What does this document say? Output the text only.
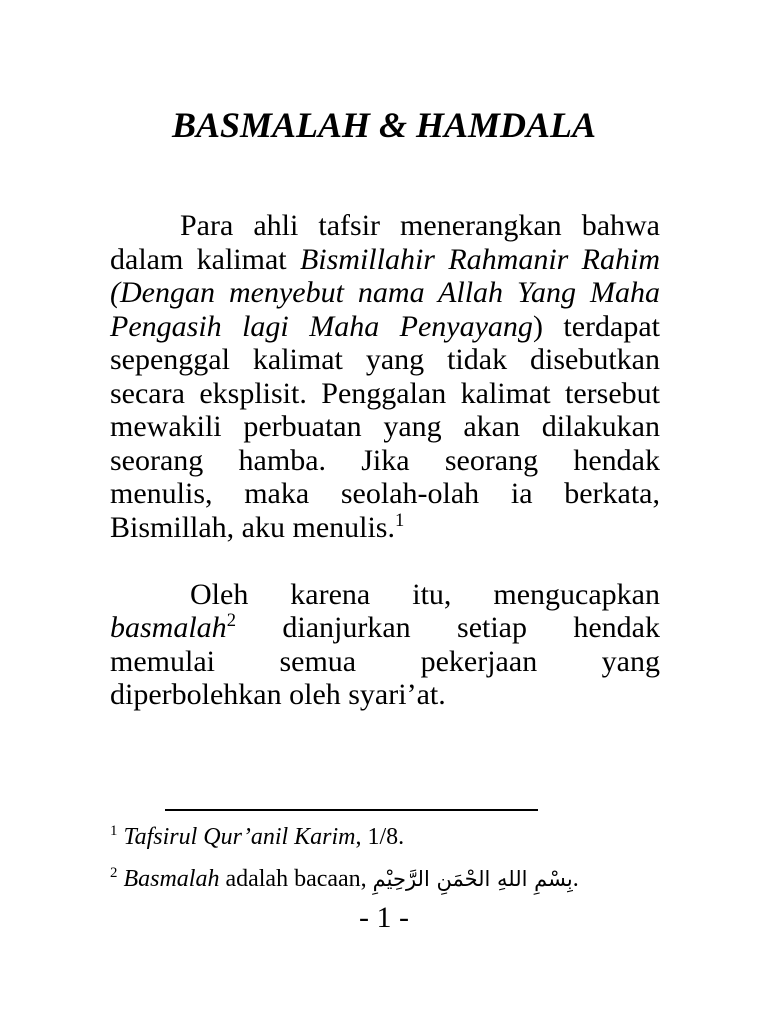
BASMALAH & HAMDALA
Para ahli tafsir menerangkan bahwa
dalam kalimat Bismillahir Rahmanir Rahim
(Dengan menyebut nama Allah Yang Maha
Pengasih lagi Maha Penyayang) terdapat
sepenggal kalimat yang tidak disebutkan
secara eksplisit. Penggalan kalimat tersebut
mewakili perbuatan yang akan dilakukan
seorang hamba. Jika seorang hendak
menulis, maka seolah-olah ia berkata,
Bismillah, aku menulis.$^1$
Oleh karena itu, mengucapkan
basmalah$^2$ dianjurkan setiap hendak
memulai semua pekerjaan yang
diperbolehkan oleh syari’at.
$^1$ Tafsirul Qur’anil Karim, 1/8.
$^2$ Basmalah adalah bacaan, بِسْمِ اللهِ الحْمَنِ الرَّحِيْمِ.
- 1 -
